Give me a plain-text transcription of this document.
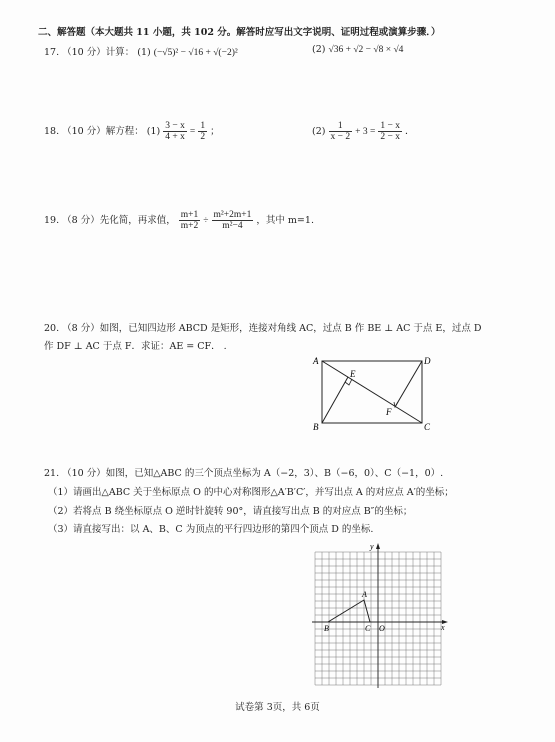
二、解答题（本大题共 11 小题，共 102 分。解答时应写出文字说明、证明过程或演算步骤．）
17. （10 分）计算： (1) (−√5)² − √16 + √(−2)²	(2) √36 + √2 − √8 × √4
18. （10 分）解方程： $(1) \frac{3 - x}{4 + x} = \frac{1}{2}$ ；	$(2) \frac{1}{x - 2} + 3 = \frac{1 - x}{2 - x}$ ．
19. （8 分）先化简，再求值， $\frac{m+1}{m+2} \div \frac{\text{m²+2m+1}}{\text{m²−4}}$ ，其中 m=1.
20. （8 分）如图，已知四边形 ABCD 是矩形，连接对角线 AC，过点 B 作 BE ⊥ AC 于点 E，过点 D
作 DF ⊥ AC 于点 F．求证：AE = CF． .
A	D
B	C
E
F
21. （10 分）如图，已知△ABC 的三个顶点坐标为 A（−2，3）、B（−6，0）、C（−1，0）.
（1）请画出△ABC 关于坐标原点 O 的中心对称图形△A′B′C′，并写出点 A 的对应点 A′的坐标；
（2）若将点 B 绕坐标原点 O 逆时针旋转 90°，请直接写出点 B 的对应点 B″的坐标；
（3）请直接写出：以 A、B、C 为顶点的平行四边形的第四个顶点 D 的坐标.
y
x
A
B	C O
试卷第 3页，共 6页
